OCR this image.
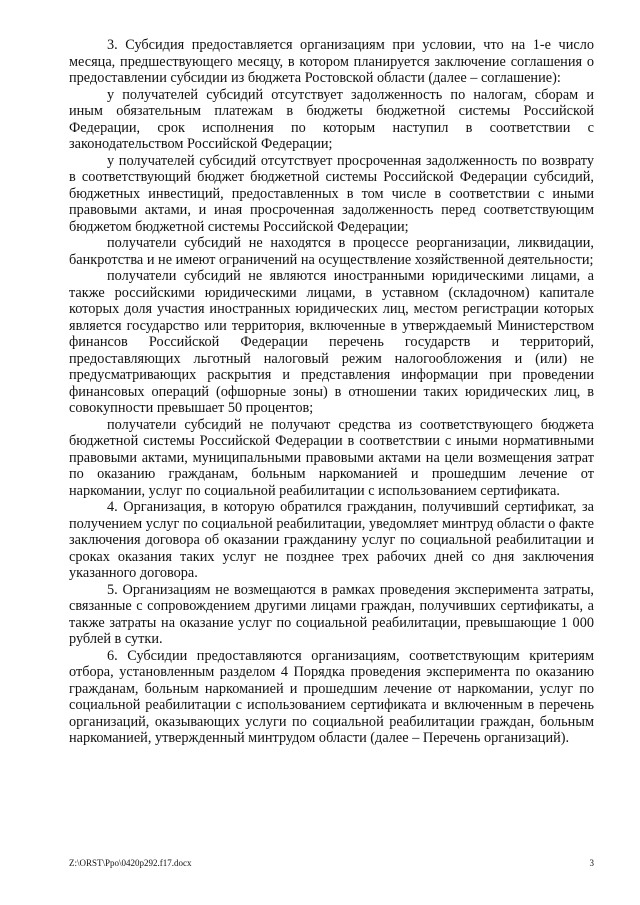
3. Субсидия предоставляется организациям при условии, что на 1-е число месяца, предшествующего месяцу, в котором планируется заключение соглашения о предоставлении субсидии из бюджета Ростовской области (далее – соглашение):

у получателей субсидий отсутствует задолженность по налогам, сборам и иным обязательным платежам в бюджеты бюджетной системы Российской Федерации, срок исполнения по которым наступил в соответствии с законодательством Российской Федерации;

у получателей субсидий отсутствует просроченная задолженность по возврату в соответствующий бюджет бюджетной системы Российской Федерации субсидий, бюджетных инвестиций, предоставленных в том числе в соответствии с иными правовыми актами, и иная просроченная задолженность перед соответствующим бюджетом бюджетной системы Российской Федерации;

получатели субсидий не находятся в процессе реорганизации, ликвидации, банкротства и не имеют ограничений на осуществление хозяйственной деятельности;

получатели субсидий не являются иностранными юридическими лицами, а также российскими юридическими лицами, в уставном (складочном) капитале которых доля участия иностранных юридических лиц, местом регистрации которых является государство или территория, включенные в утверждаемый Министерством финансов Российской Федерации перечень государств и территорий, предоставляющих льготный налоговый режим налогообложения и (или) не предусматривающих раскрытия и представления информации при проведении финансовых операций (офшорные зоны) в отношении таких юридических лиц, в совокупности превышает 50 процентов;

получатели субсидий не получают средства из соответствующего бюджета бюджетной системы Российской Федерации в соответствии с иными нормативными правовыми актами, муниципальными правовыми актами на цели возмещения затрат по оказанию гражданам, больным наркоманией и прошедшим лечение от наркомании, услуг по социальной реабилитации с использованием сертификата.

4. Организация, в которую обратился гражданин, получивший сертификат, за получением услуг по социальной реабилитации, уведомляет минтруд области о факте заключения договора об оказании гражданину услуг по социальной реабилитации и сроках оказания таких услуг не позднее трех рабочих дней со дня заключения указанного договора.

5. Организациям не возмещаются в рамках проведения эксперимента затраты, связанные с сопровождением другими лицами граждан, получивших сертификаты, а также затраты на оказание услуг по социальной реабилитации, превышающие 1 000 рублей в сутки.

6. Субсидии предоставляются организациям, соответствующим критериям отбора, установленным разделом 4 Порядка проведения эксперимента по оказанию гражданам, больным наркоманией и прошедшим лечение от наркомании, услуг по социальной реабилитации с использованием сертификата и включенным в перечень организаций, оказывающих услуги по социальной реабилитации граждан, больным наркоманией, утвержденный минтрудом области (далее – Перечень организаций).

Z:\ORST\Ppo\0420p292.f17.docx	3
